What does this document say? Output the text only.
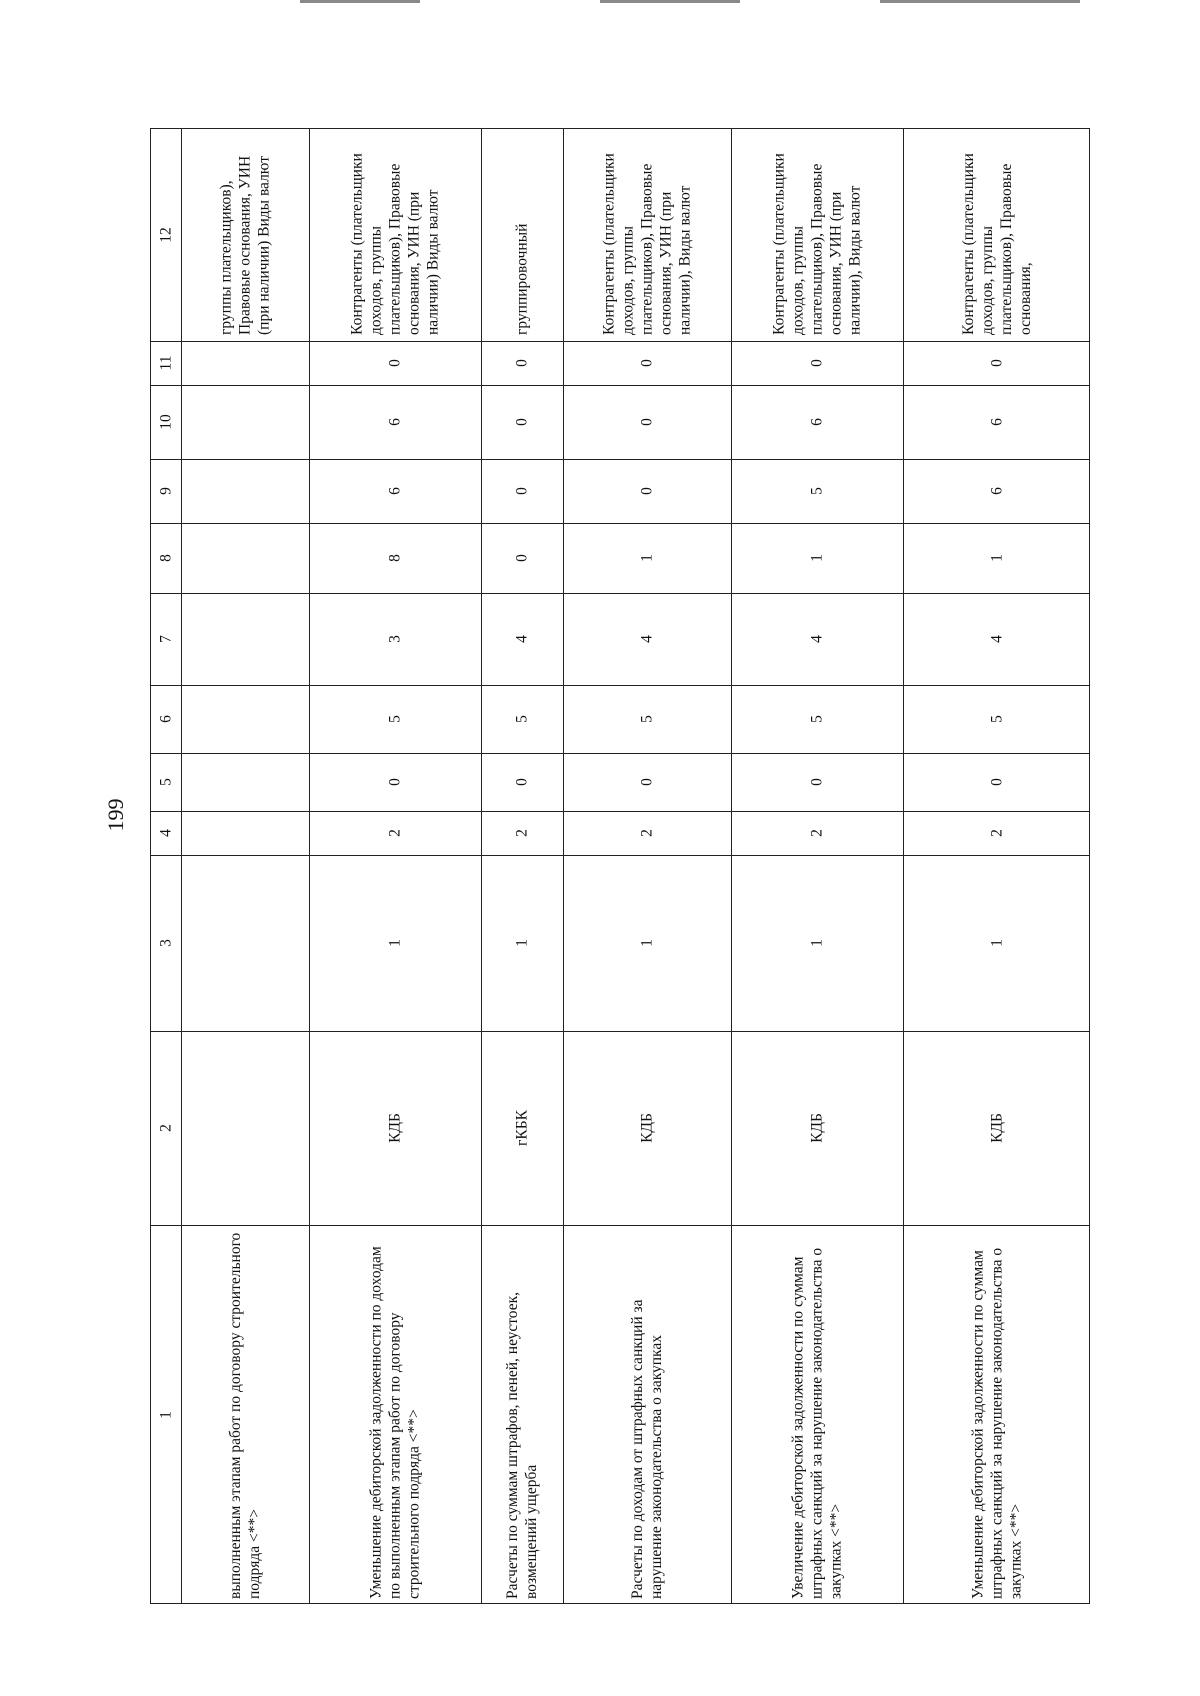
199
1
2
3
4
5
6
7
8
9
10
11
12
выполненным этапам работ по договору строительного подряда <**>
группы плательщиков), Правовые основания, УИН (при наличии) Виды валют
Уменьшение дебиторской задолженности по доходам по выполненным этапам работ по договору строительного подряда <**>
КДБ
1
2
0
5
3
8
6
6
0
Контрагенты (плательщики доходов, группы плательщиков), Правовые основания, УИН (при наличии) Виды валют
Расчеты по суммам штрафов, пеней, неустоек, возмещений ущерба
гКБК
1
2
0
5
4
0
0
0
0
группировочный
Расчеты по доходам от штрафных санкций за нарушение законодательства о закупках
КДБ
1
2
0
5
4
1
0
0
0
Контрагенты (плательщики доходов, группы плательщиков), Правовые основания, УИН (при наличии), Виды валют
Увеличение дебиторской задолженности по суммам штрафных санкций за нарушение законодательства о закупках <**>
КДБ
1
2
0
5
4
1
5
6
0
Контрагенты (плательщики доходов, группы плательщиков), Правовые основания, УИН (при наличии), Виды валют
Уменьшение дебиторской задолженности по суммам штрафных санкций за нарушение законодательства о закупках <**>
КДБ
1
2
0
5
4
1
6
6
0
Контрагенты (плательщики доходов, группы плательщиков), Правовые основания,
